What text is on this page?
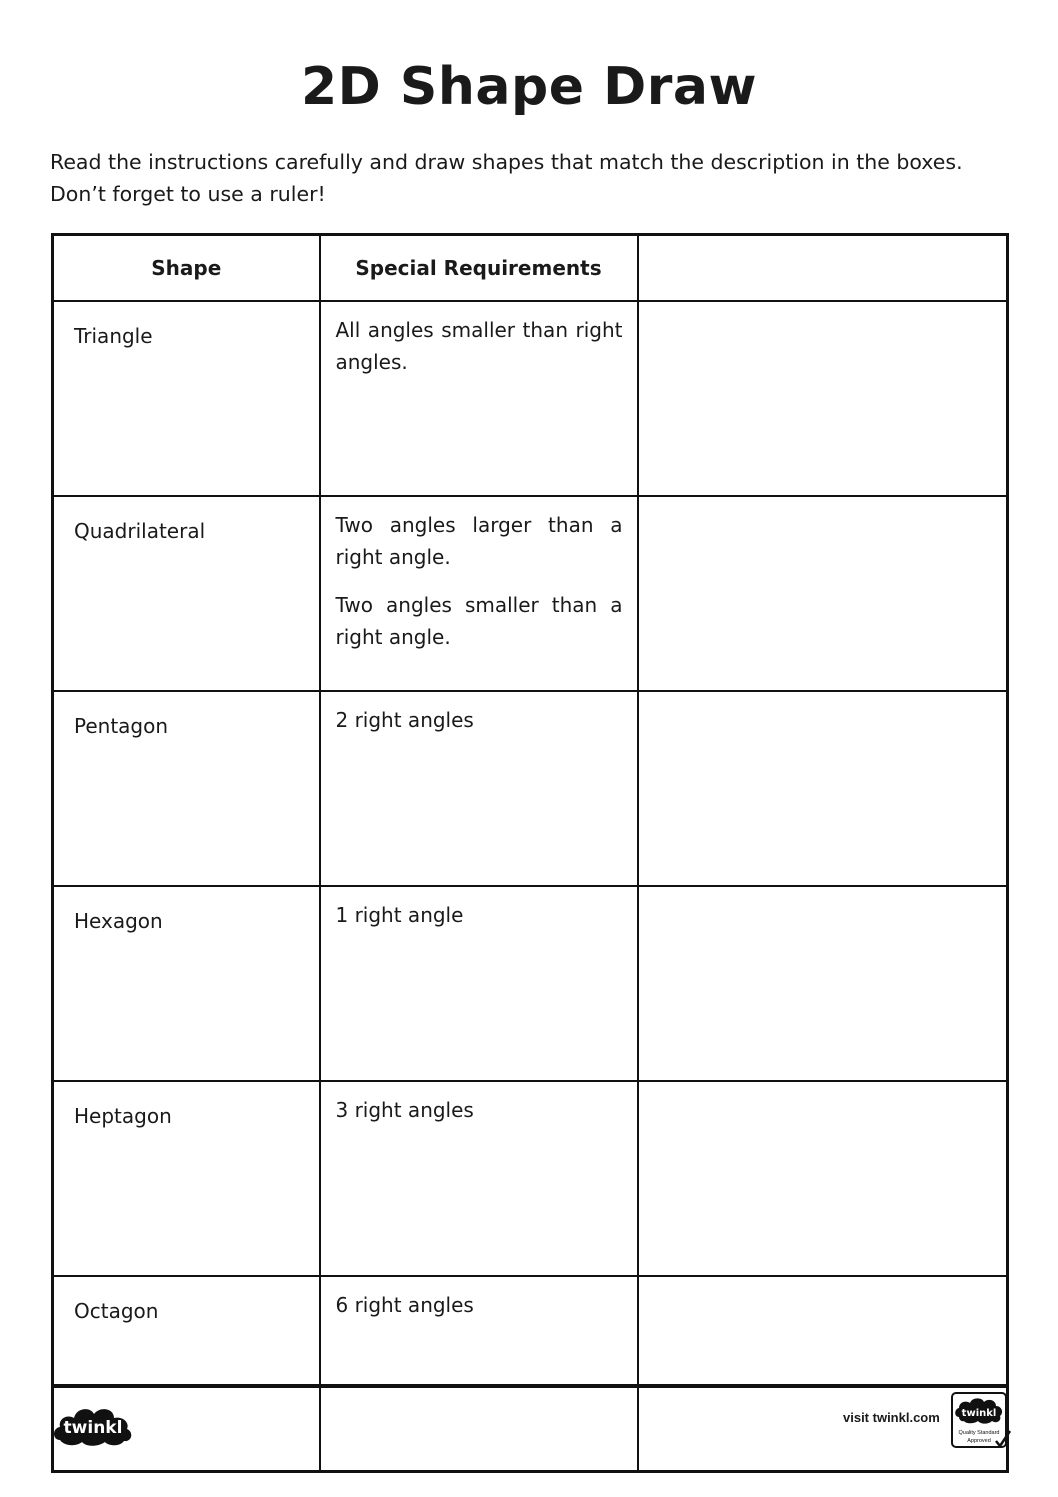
2D Shape Draw

Read the instructions carefully and draw shapes that match the description in the boxes. Don’t forget to use a ruler!

Shape	Special Requirements	
Triangle	All angles smaller than right angles.	

Quadrilateral	Two angles larger than a right angle.

Two angles smaller than a right angle.	

Pentagon	2 right angles	

Hexagon	1 right angle	

Heptagon	3 right angles	

Octagon	6 right angles	

twinkl
visit twinkl.com twinkl
Quality Standard
Approved
